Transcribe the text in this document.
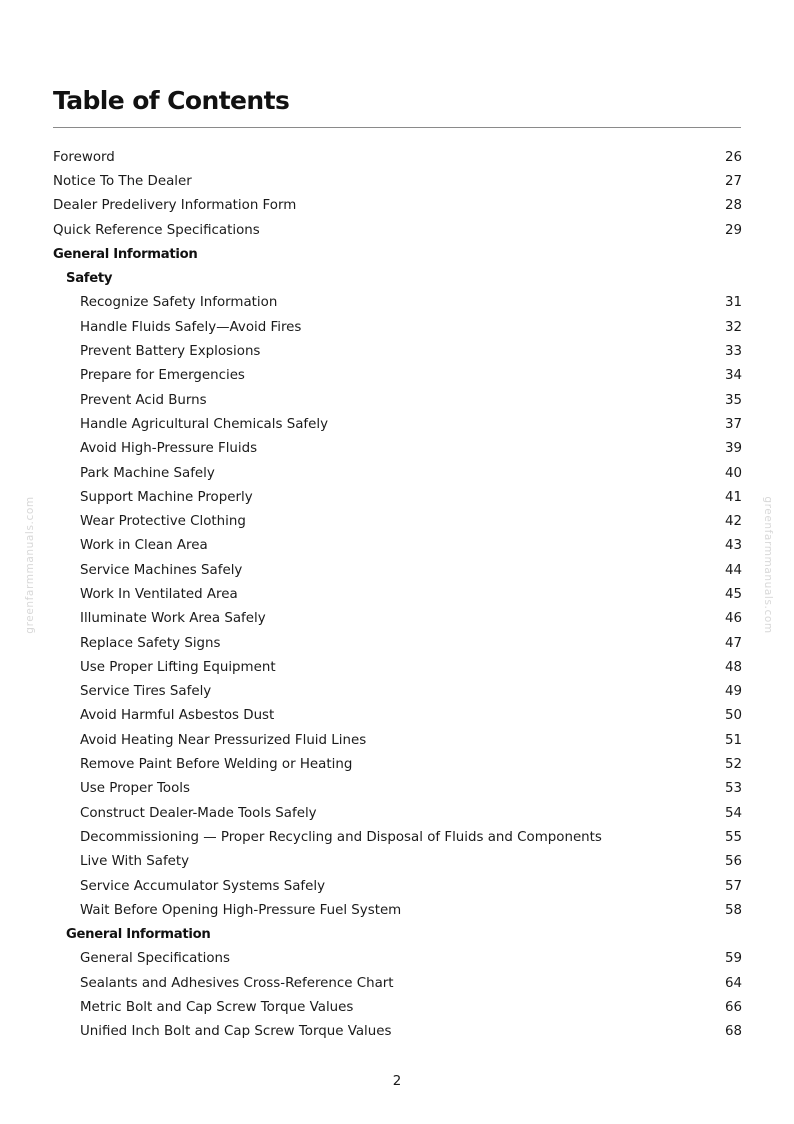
Table of Contents
Foreword	26
Notice To The Dealer	27
Dealer Predelivery Information Form	28
Quick Reference Specifications	29
General Information
Safety
Recognize Safety Information	31
Handle Fluids Safely—Avoid Fires	32
Prevent Battery Explosions	33
Prepare for Emergencies	34
Prevent Acid Burns	35
Handle Agricultural Chemicals Safely	37
Avoid High-Pressure Fluids	39
Park Machine Safely	40
Support Machine Properly	41
Wear Protective Clothing	42
Work in Clean Area	43
Service Machines Safely	44
Work In Ventilated Area	45
Illuminate Work Area Safely	46
Replace Safety Signs	47
Use Proper Lifting Equipment	48
Service Tires Safely	49
Avoid Harmful Asbestos Dust	50
Avoid Heating Near Pressurized Fluid Lines	51
Remove Paint Before Welding or Heating	52
Use Proper Tools	53
Construct Dealer-Made Tools Safely	54
Decommissioning — Proper Recycling and Disposal of Fluids and Components	55
Live With Safety	56
Service Accumulator Systems Safely	57
Wait Before Opening High-Pressure Fuel System	58
General Information
General Specifications	59
Sealants and Adhesives Cross-Reference Chart	64
Metric Bolt and Cap Screw Torque Values	66
Unified Inch Bolt and Cap Screw Torque Values	68
greenfarmmanuals.com	greenfarmmanuals.com
2
